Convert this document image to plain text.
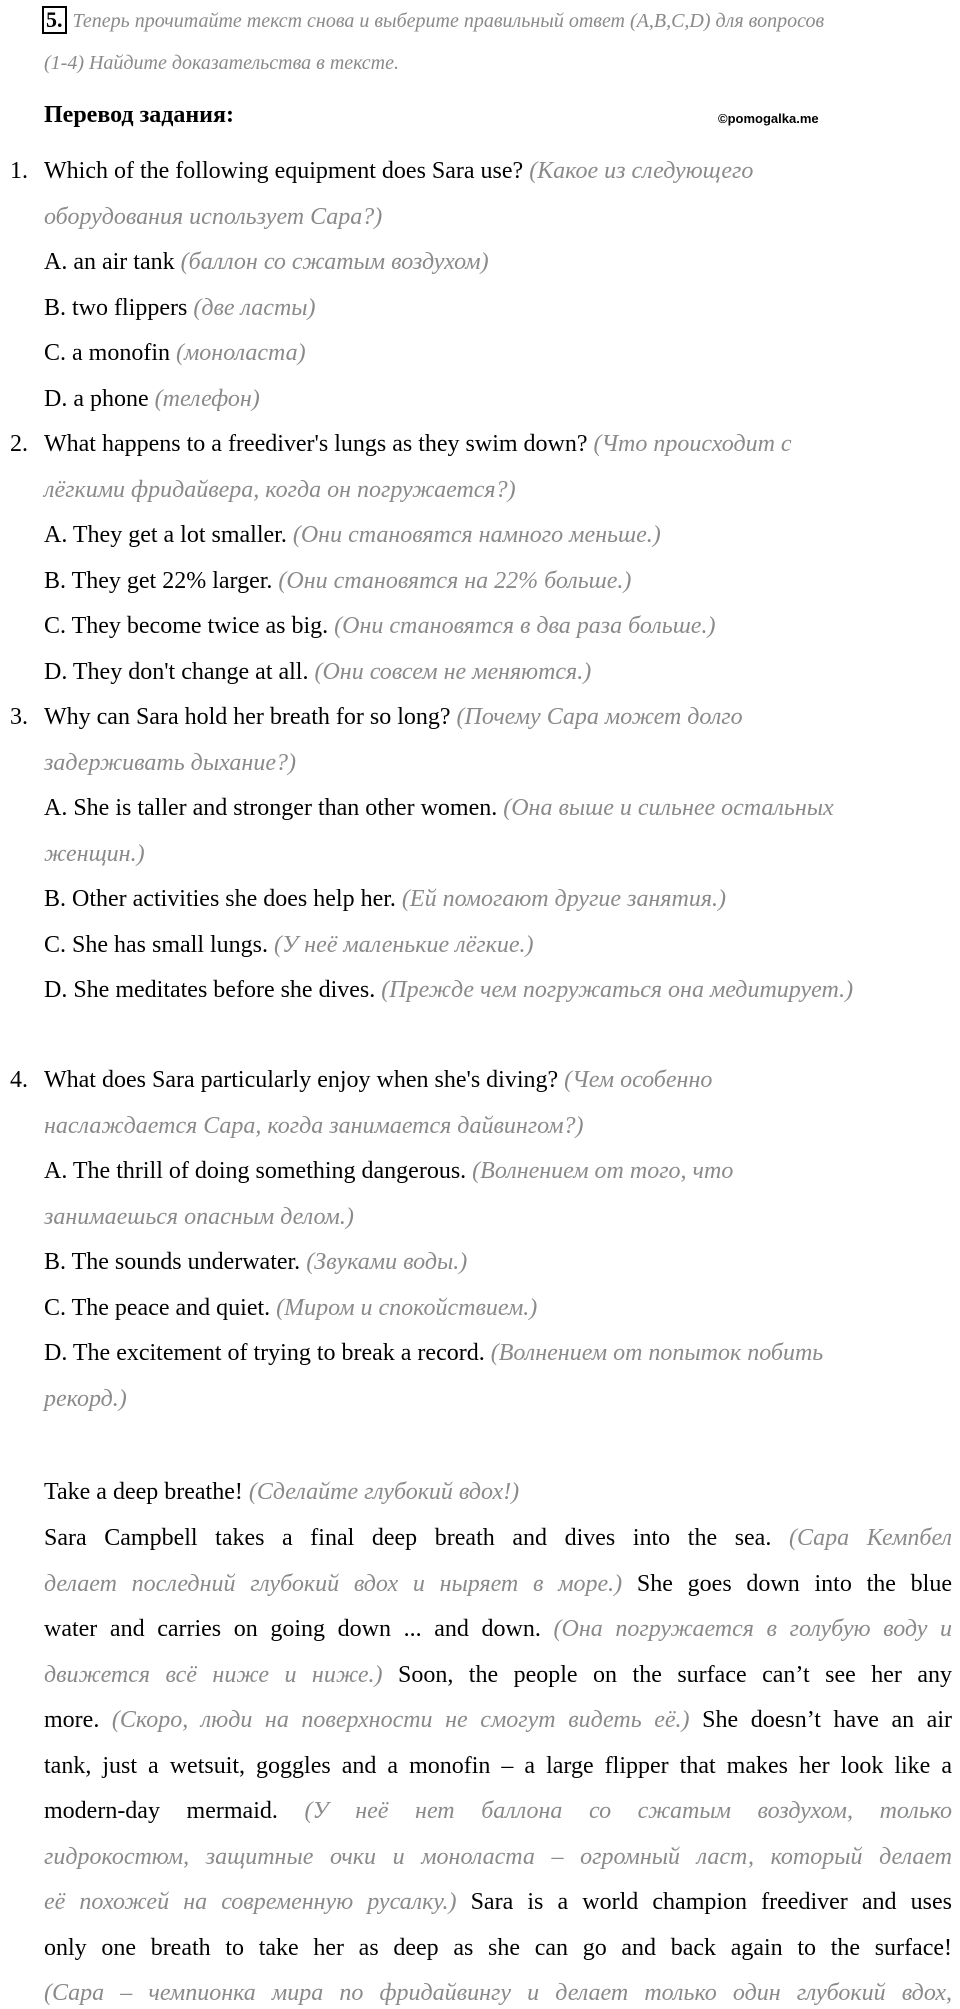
5. Теперь прочитайте текст снова и выберите правильный ответ (A,B,C,D) для вопросов
(1-4) Найдите доказательства в тексте.
Перевод задания:	©pomogalka.me
1. Which of the following equipment does Sara use? (Какое из следующего
оборудования использует Сара?)
A. an air tank (баллон со сжатым воздухом)
B. two flippers (две ласты)
C. a monofin (моноласта)
D. a phone (телефон)
2. What happens to a freediver's lungs as they swim down? (Что происходит с
лёгкими фридайвера, когда он погружается?)
A. They get a lot smaller. (Они становятся намного меньше.)
B. They get 22% larger. (Они становятся на 22% больше.)
C. They become twice as big. (Они становятся в два раза больше.)
D. They don't change at all. (Они совсем не меняются.)
3. Why can Sara hold her breath for so long? (Почему Сара может долго
задерживать дыхание?)
A. She is taller and stronger than other women. (Она выше и сильнее остальных
женщин.)
B. Other activities she does help her. (Ей помогают другие занятия.)
C. She has small lungs. (У неё маленькие лёгкие.)
D. She meditates before she dives. (Прежде чем погружаться она медитирует.)
4. What does Sara particularly enjoy when she's diving? (Чем особенно
наслаждается Сара, когда занимается дайвингом?)
A. The thrill of doing something dangerous. (Волнением от того, что
занимаешься опасным делом.)
B. The sounds underwater. (Звуками воды.)
C. The peace and quiet. (Миром и спокойствием.)
D. The excitement of trying to break a record. (Волнением от попыток побить
рекорд.)
Take a deep breathe! (Сделайте глубокий вдох!)
Sara Campbell takes a final deep breath and dives into the sea. (Сара Кемпбел
делает последний глубокий вдох и ныряет в море.) She goes down into the blue
water and carries on going down ... and down. (Она погружается в голубую воду и
движется всё ниже и ниже.) Soon, the people on the surface can’t see her any
more. (Скоро, люди на поверхности не смогут видеть её.) She doesn’t have an air
tank, just a wetsuit, goggles and a monofin – a large flipper that makes her look like a
modern-day mermaid. (У неё нет баллона со сжатым воздухом, только
гидрокостюм, защитные очки и моноласта – огромный ласт, который делает
её похожей на современную русалку.) Sara is a world champion freediver and uses
only one breath to take her as deep as she can go and back again to the surface!
(Сара – чемпионка мира по фридайвингу и делает только один глубокий вдох,
